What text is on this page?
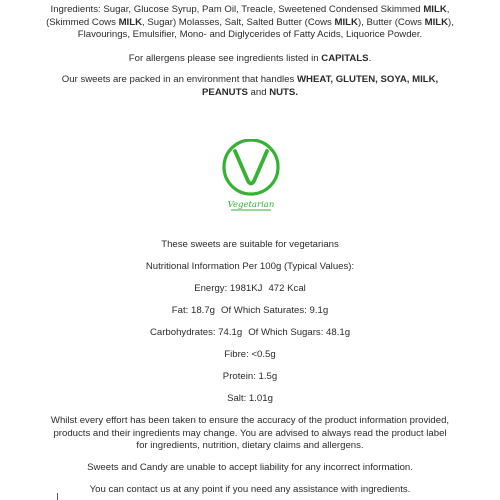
Ingredients: Sugar, Glucose Syrup, Pam Oil, Treacle, Sweetened Condensed Skimmed MILK, (Skimmed Cows MILK, Sugar) Molasses, Salt, Salted Butter (Cows MILK), Butter (Cows MILK), Flavourings, Emulsifier, Mono- and Diglycerides of Fatty Acids, Liquorice Powder.

For allergens please see ingredients listed in CAPITALS.

Our sweets are packed in an environment that handles WHEAT, GLUTEN, SOYA, MILK, PEANUTS and NUTS.

Vegetarian

These sweets are suitable for vegetarians

Nutritional Information Per 100g (Typical Values):

Energy: 1981KJ 472 Kcal

Fat: 18.7g Of Which Saturates: 9.1g

Carbohydrates: 74.1g Of Which Sugars: 48.1g

Fibre: <0.5g

Protein: 1.5g

Salt: 1.01g

Whilst every effort has been taken to ensure the accuracy of the product information provided, products and their ingredients may change. You are advised to always read the product label for ingredients, nutrition, dietary claims and allergens.

Sweets and Candy are unable to accept liability for any incorrect information.

You can contact us at any point if you need any assistance with ingredients.
